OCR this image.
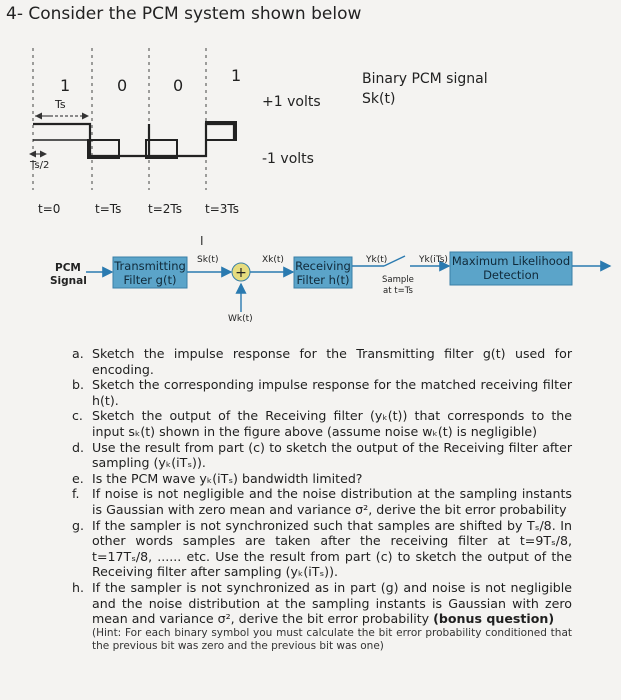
4- Consider the PCM system shown below
1	0	0
1
Ts
Ts/2
+1 volts
-1 volts
Binary PCM signal
Sk(t)
t=0	t=Ts t=2Ts t=3Ts
PCM
Signal
Transmitting
Filter g(t)
Sk(t)
I
+
Wk(t)
Xk(t) Receiving
Filter h(t)
Yk(t)	Yk(iTs)
Sample
at t=Ts
Maximum Likelihood
Detection
a. Sketch the impulse response for the Transmitting filter g(t) used for encoding.
b. Sketch the corresponding impulse response for the matched receiving filter h(t).
c. Sketch the output of the Receiving filter (yₖ(t)) that corresponds to the input sₖ(t) shown in the figure above (assume noise wₖ(t) is negligible)
d. Use the result from part (c) to sketch the output of the Receiving filter after sampling (yₖ(iTₛ)).
e. Is the PCM wave yₖ(iTₛ) bandwidth limited?
f. If noise is not negligible and the noise distribution at the sampling instants is Gaussian with zero mean and variance σ², derive the bit error probability
g. If the sampler is not synchronized such that samples are shifted by Tₛ/8. In other words samples are taken after the receiving filter at t=9Tₛ/8, t=17Tₛ/8, ...... etc. Use the result from part (c) to sketch the output of the Receiving filter after sampling (yₖ(iTₛ)).
h. If the sampler is not synchronized as in part (g) and noise is not negligible and the noise distribution at the sampling instants is Gaussian with zero mean and variance σ², derive the bit error probability (bonus question)
(Hint: For each binary symbol you must calculate the bit error probability conditioned that the previous bit was zero and the previous bit was one)
